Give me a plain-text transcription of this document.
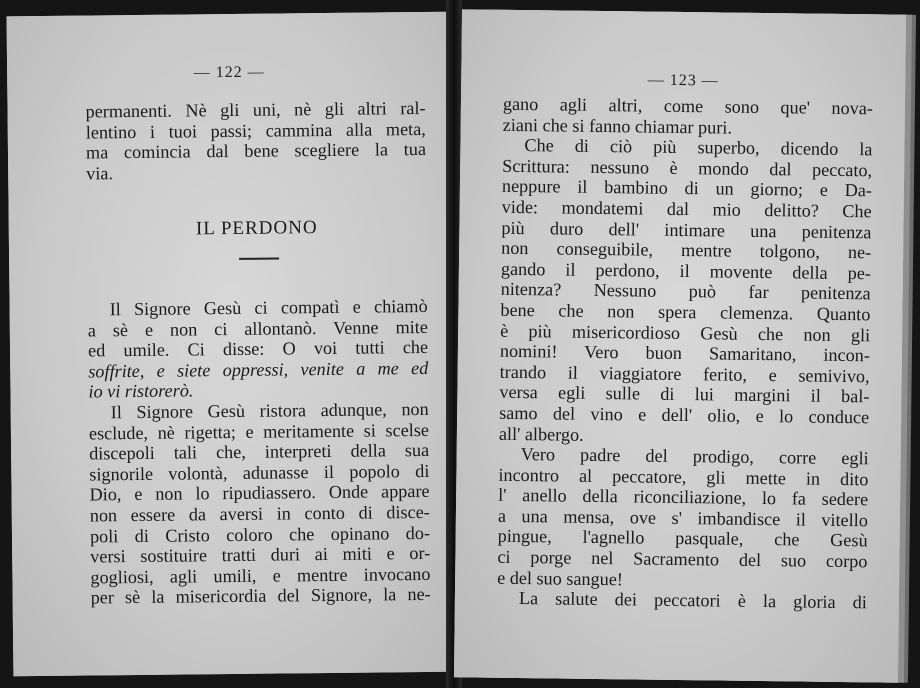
— 122 —
permanenti. Nè gli uni, nè gli altri ral-
lentino i tuoi passi; cammina alla meta,
ma comincia dal bene scegliere la tua
via.
IL PERDONO
Il Signore Gesù ci compatì e chiamò
a sè e non ci allontanò. Venne mite
ed umile. Ci disse: O voi tutti che
soffrite, e siete oppressi, venite a me ed
io vi ristorerò.
Il Signore Gesù ristora adunque, non
esclude, nè rigetta; e meritamente si scelse
discepoli tali che, interpreti della sua
signorile volontà, adunasse il popolo di
Dio, e non lo ripudiassero. Onde appare
non essere da aversi in conto di disce-
poli di Cristo coloro che opinano do-
versi sostituire tratti duri ai miti e or-
gogliosi, agli umili, e mentre invocano
per sè la misericordia del Signore, la ne-
— 123 —
gano agli altri, come sono que' nova-
ziani che si fanno chiamar puri.
Che di ciò più superbo, dicendo la
Scrittura: nessuno è mondo dal peccato,
neppure il bambino di un giorno; e Da-
vide: mondatemi dal mio delitto? Che
più duro dell' intimare una penitenza
non conseguibile, mentre tolgono, ne-
gando il perdono, il movente della pe-
nitenza? Nessuno può far penitenza
bene che non spera clemenza. Quanto
è più misericordioso Gesù che non gli
nomini! Vero buon Samaritano, incon-
trando il viaggiatore ferito, e semivivo,
versa egli sulle di lui margini il bal-
samo del vino e dell' olio, e lo conduce
all' albergo.
Vero padre del prodigo, corre egli
incontro al peccatore, gli mette in dito
l' anello della riconciliazione, lo fa sedere
a una mensa, ove s' imbandisce il vitello
pingue, l'agnello pasquale, che Gesù
ci porge nel Sacramento del suo corpo
e del suo sangue!
La salute dei peccatori è la gloria di
